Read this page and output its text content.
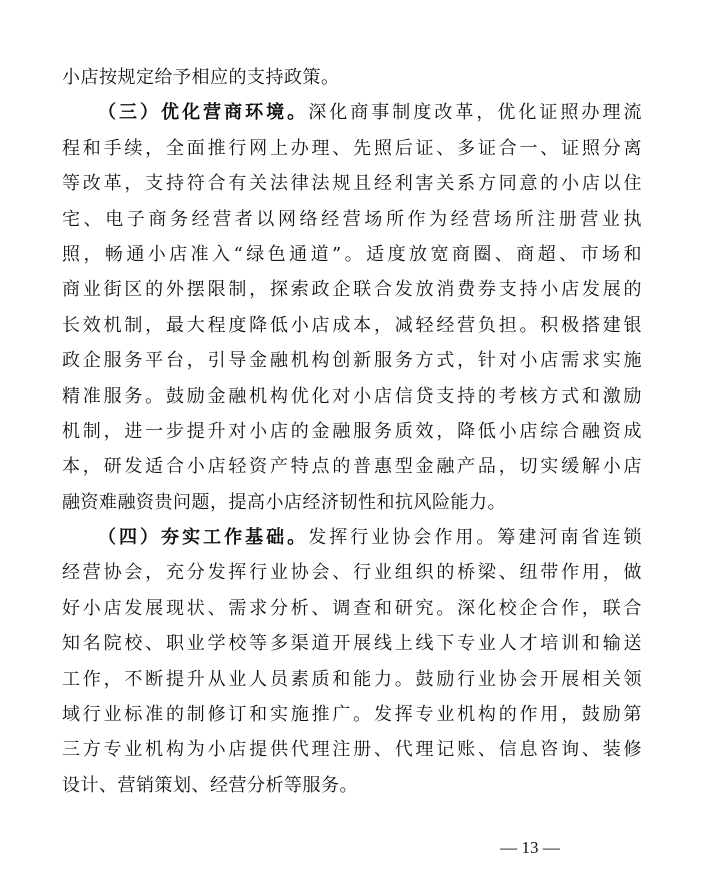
小店按规定给予相应的支持政策。
（三）优化营商环境。深化商事制度改革，优化证照办理流
程和手续，全面推行网上办理、先照后证、多证合一、证照分离
等改革，支持符合有关法律法规且经利害关系方同意的小店以住
宅、电子商务经营者以网络经营场所作为经营场所注册营业执
照，畅通小店准入“绿色通道”。适度放宽商圈、商超、市场和
商业街区的外摆限制，探索政企联合发放消费券支持小店发展的
长效机制，最大程度降低小店成本，减轻经营负担。积极搭建银
政企服务平台，引导金融机构创新服务方式，针对小店需求实施
精准服务。鼓励金融机构优化对小店信贷支持的考核方式和激励
机制，进一步提升对小店的金融服务质效，降低小店综合融资成
本，研发适合小店轻资产特点的普惠型金融产品，切实缓解小店
融资难融资贵问题，提高小店经济韧性和抗风险能力。
（四）夯实工作基础。发挥行业协会作用。筹建河南省连锁
经营协会，充分发挥行业协会、行业组织的桥梁、纽带作用，做
好小店发展现状、需求分析、调查和研究。深化校企合作，联合
知名院校、职业学校等多渠道开展线上线下专业人才培训和输送
工作，不断提升从业人员素质和能力。鼓励行业协会开展相关领
域行业标准的制修订和实施推广。发挥专业机构的作用，鼓励第
三方专业机构为小店提供代理注册、代理记账、信息咨询、装修
设计、营销策划、经营分析等服务。
— 13 —
